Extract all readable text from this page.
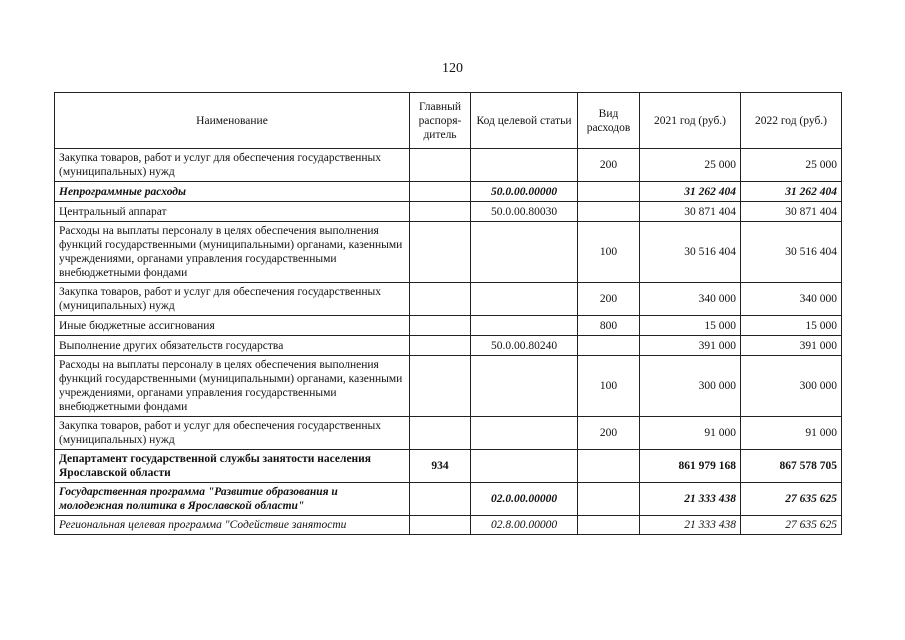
120
Наименование	Главный распоря-дитель	Код целевой статьи	Вид расходов	2021 год (руб.)	2022 год (руб.)
Закупка товаров, работ и услуг для обеспечения государственных (муниципальных) нужд			200	25 000	25 000
Непрограммные расходы		50.0.00.00000		31 262 404	31 262 404
Центральный аппарат		50.0.00.80030		30 871 404	30 871 404
Расходы на выплаты персоналу в целях обеспечения выполнения функций государственными (муниципальными) органами, казенными учреждениями, органами управления государственными внебюджетными фондами			100	30 516 404	30 516 404
Закупка товаров, работ и услуг для обеспечения государственных (муниципальных) нужд			200	340 000	340 000
Иные бюджетные ассигнования			800	15 000	15 000
Выполнение других обязательств государства		50.0.00.80240		391 000	391 000
Расходы на выплаты персоналу в целях обеспечения выполнения функций государственными (муниципальными) органами, казенными учреждениями, органами управления государственными внебюджетными фондами			100	300 000	300 000
Закупка товаров, работ и услуг для обеспечения государственных (муниципальных) нужд			200	91 000	91 000
Департамент государственной службы занятости населения Ярославской области	934			861 979 168	867 578 705
Государственная программа "Развитие образования и молодежная политика в Ярославской области"		02.0.00.00000		21 333 438	27 635 625
Региональная целевая программа "Содействие занятости		02.8.00.00000		21 333 438	27 635 625
